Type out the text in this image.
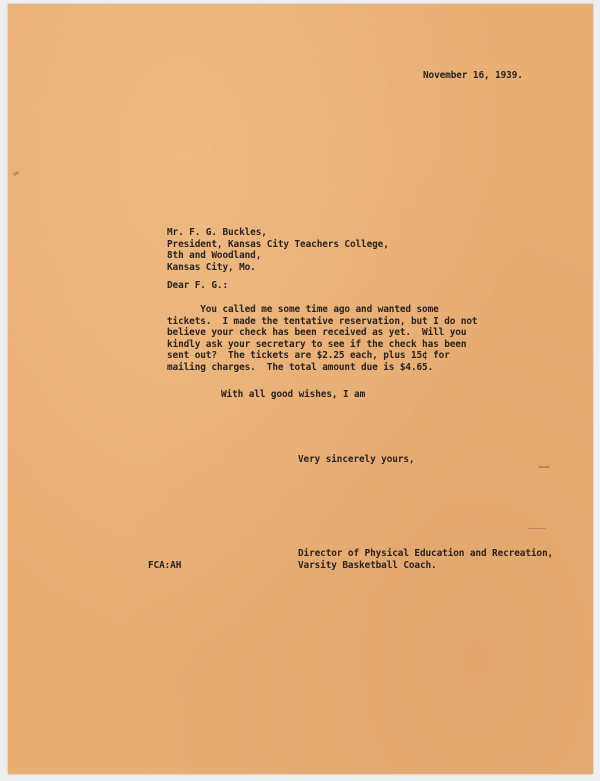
November 16, 1939.
Mr. F. G. Buckles,
President, Kansas City Teachers College,
8th and Woodland,
Kansas City, Mo.
Dear F. G.:
You called me some time ago and wanted some
tickets.  I made the tentative reservation, but I do not
believe your check has been received as yet.  Will you
kindly ask your secretary to see if the check has been
sent out?  The tickets are $2.25 each, plus 15¢ for
mailing charges.  The total amount due is $4.65.
With all good wishes, I am
Very sincerely yours,
FCA:AH
Director of Physical Education and Recreation,
Varsity Basketball Coach.
